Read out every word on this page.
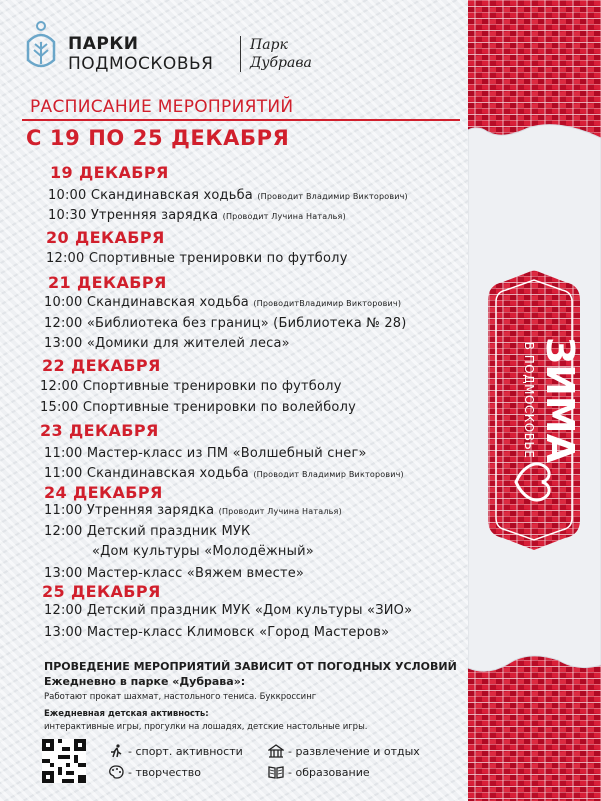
ПАРКИ
ПОДМОСКОВЬЯ
Парк
Дубрава
РАСПИСАНИЕ МЕРОПРИЯТИЙ
С 19 ПО 25 ДЕКАБРЯ
19 ДЕКАБРЯ
10:00 Скандинавская ходьба (Проводит Владимир Викторович)
10:30 Утренняя зарядка (Проводит Лучина Наталья)
20 ДЕКАБРЯ
12:00 Спортивные тренировки по футболу
21 ДЕКАБРЯ
10:00 Скандинавская ходьба (ПроводитВладимир Викторович)
12:00 «Библиотека без границ» (Библиотека № 28)
13:00 «Домики для жителей леса»
22 ДЕКАБРЯ
12:00 Спортивные тренировки по футболу
15:00 Спортивные тренировки по волейболу
23 ДЕКАБРЯ
11:00 Мастер-класс из ПМ «Волшебный снег»
11:00 Скандинавская ходьба (Проводит Владимир Викторович)
24 ДЕКАБРЯ
11:00 Утренняя зарядка (Проводит Лучина Наталья)
12:00 Детский праздник МУК
«Дом культуры «Молодёжный»
13:00 Мастер-класс «Вяжем вместе»
25 ДЕКАБРЯ
12:00 Детский праздник МУК «Дом культуры «ЗИО»
13:00 Мастер-класс Климовск «Город Мастеров»
ПРОВЕДЕНИЕ МЕРОПРИЯТИЙ ЗАВИСИТ ОТ ПОГОДНЫХ УСЛОВИЙ
Ежедневно в парке «Дубрава»:
Работают прокат шахмат, настольного тениса. Буккроссинг
Ежедневная детская активность:
интерактивные игры, прогулки на лошадях, детские настольные игры.
- спорт. активности	- развлечение и отдых
- творчество	- образование
ЗИМА
В ПОДМОСКОВЬЕ
